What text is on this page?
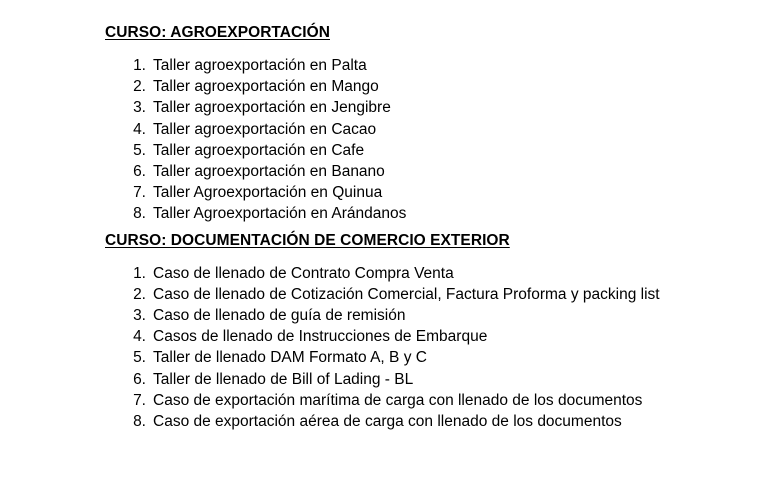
CURSO: AGROEXPORTACIÓN
1. Taller agroexportación en Palta
2. Taller agroexportación en Mango
3. Taller agroexportación en Jengibre
4. Taller agroexportación en Cacao
5. Taller agroexportación en Cafe
6. Taller agroexportación en Banano
7. Taller Agroexportación en Quinua
8. Taller Agroexportación en Arándanos
CURSO: DOCUMENTACIÓN DE COMERCIO EXTERIOR
1. Caso de llenado de Contrato Compra Venta
2. Caso de llenado de Cotización Comercial, Factura Proforma y packing list
3. Caso de llenado de guía de remisión
4. Casos de llenado de Instrucciones de Embarque
5. Taller de llenado DAM Formato A, B y C
6. Taller de llenado de Bill of Lading - BL
7. Caso de exportación marítima de carga con llenado de los documentos
8. Caso de exportación aérea de carga con llenado de los documentos
